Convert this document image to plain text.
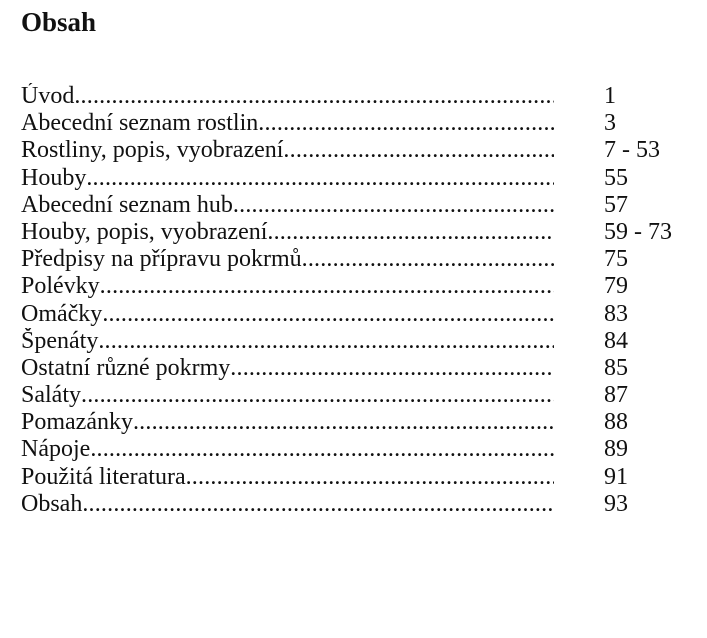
Obsah
Úvod .....	1
Abecední seznam rostlin .....	3
Rostliny, popis, vyobrazení .....	7 - 53
Houby .....	55
Abecední seznam hub .....	57
Houby, popis, vyobrazení .....	59 - 73
Předpisy na přípravu pokrmů .....	75
Polévky .....	79
Omáčky .....	83
Špenáty .....	84
Ostatní různé pokrmy .....	85
Saláty .....	87
Pomazánky .....	88
Nápoje .....	89
Použitá literatura .....	91
Obsah .....	93
